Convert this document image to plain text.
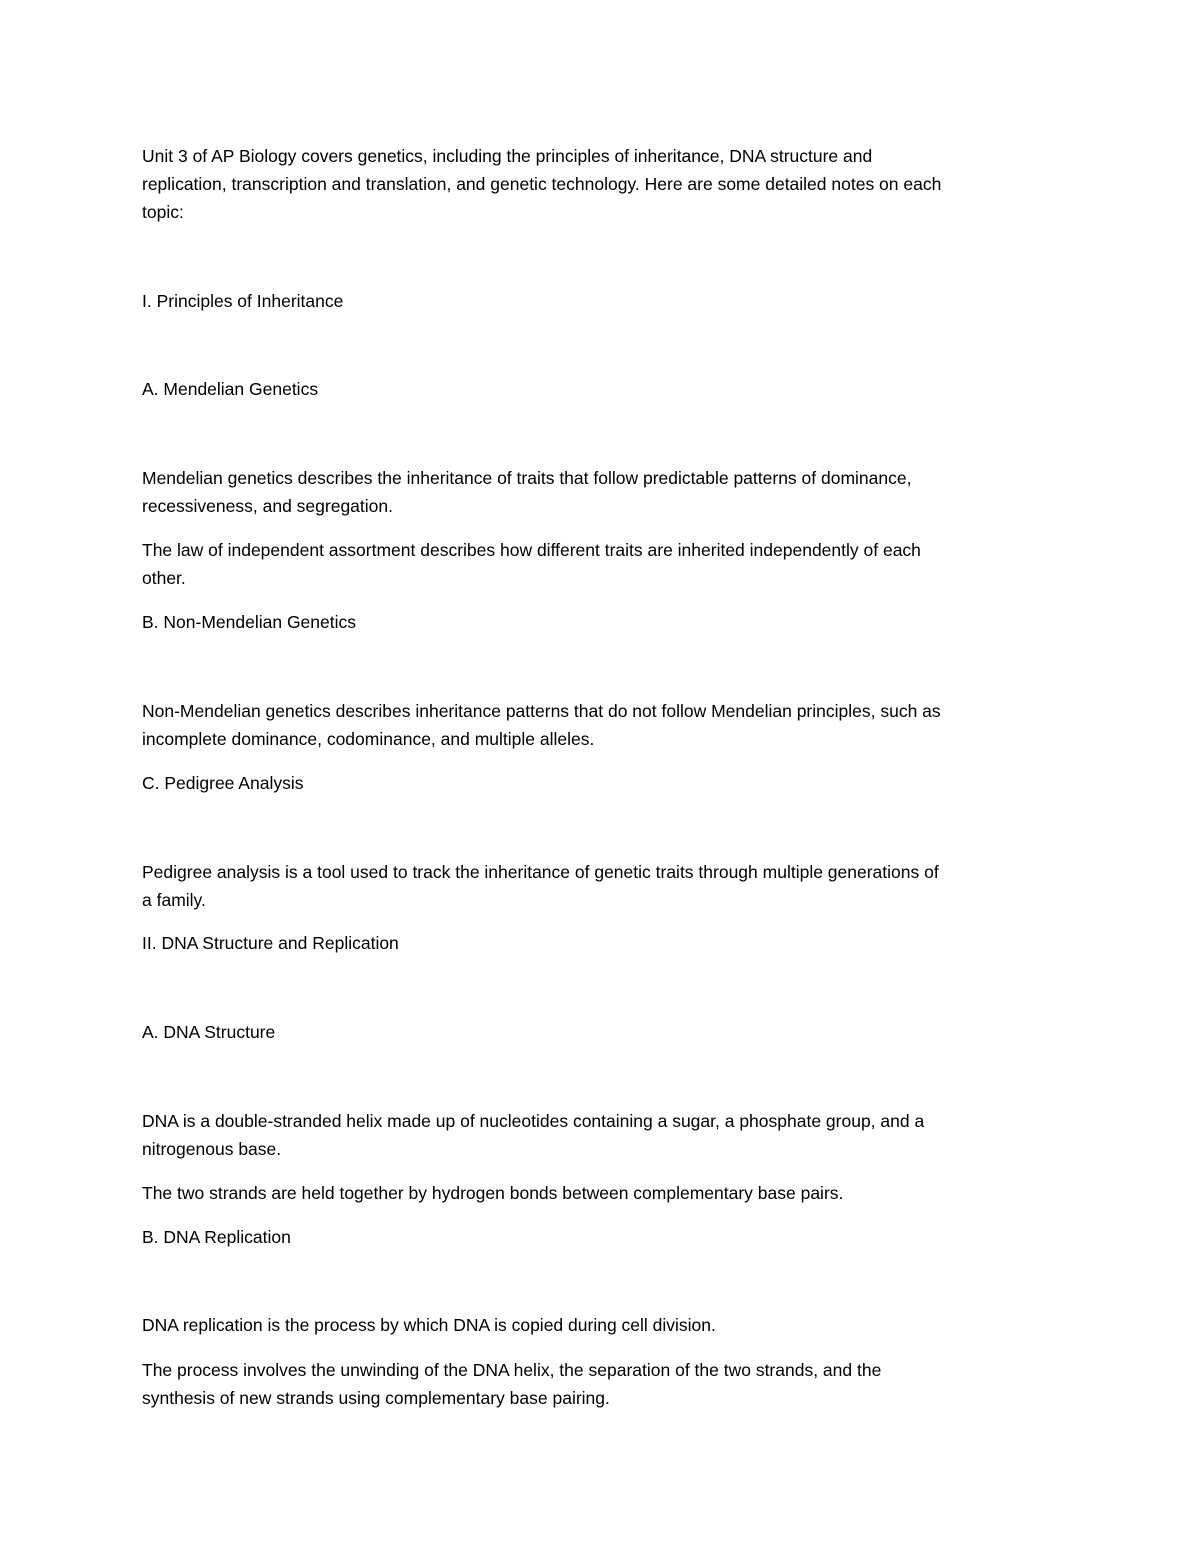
Unit 3 of AP Biology covers genetics, including the principles of inheritance, DNA structure and

replication, transcription and translation, and genetic technology. Here are some detailed notes on each

topic:

I. Principles of Inheritance

A. Mendelian Genetics

Mendelian genetics describes the inheritance of traits that follow predictable patterns of dominance,

recessiveness, and segregation.

The law of independent assortment describes how different traits are inherited independently of each

other.

B. Non-Mendelian Genetics

Non-Mendelian genetics describes inheritance patterns that do not follow Mendelian principles, such as

incomplete dominance, codominance, and multiple alleles.

C. Pedigree Analysis

Pedigree analysis is a tool used to track the inheritance of genetic traits through multiple generations of

a family.

II. DNA Structure and Replication

A. DNA Structure

DNA is a double-stranded helix made up of nucleotides containing a sugar, a phosphate group, and a

nitrogenous base.

The two strands are held together by hydrogen bonds between complementary base pairs.

B. DNA Replication

DNA replication is the process by which DNA is copied during cell division.

The process involves the unwinding of the DNA helix, the separation of the two strands, and the

synthesis of new strands using complementary base pairing.
